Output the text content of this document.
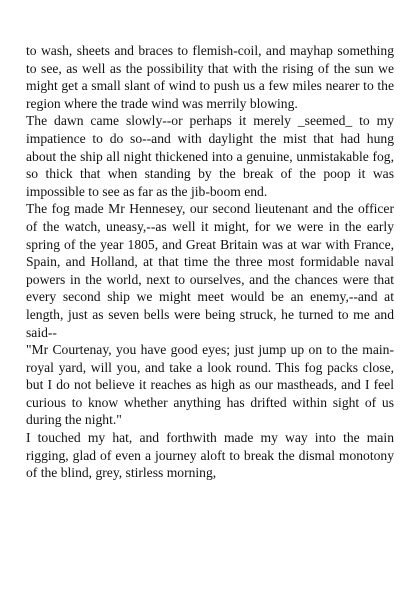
to wash, sheets and braces to flemish-coil, and mayhap something to see, as well as the possibility that with the rising of the sun we might get a small slant of wind to push us a few miles nearer to the region where the trade wind was merrily blowing.

The dawn came slowly--or perhaps it merely _seemed_ to my impatience to do so--and with daylight the mist that had hung about the ship all night thickened into a genuine, unmistakable fog, so thick that when standing by the break of the poop it was impossible to see as far as the jib-boom end.

The fog made Mr Hennesey, our second lieutenant and the officer of the watch, uneasy,--as well it might, for we were in the early spring of the year 1805, and Great Britain was at war with France, Spain, and Holland, at that time the three most formidable naval powers in the world, next to ourselves, and the chances were that every second ship we might meet would be an enemy,--and at length, just as seven bells were being struck, he turned to me and said--

"Mr Courtenay, you have good eyes; just jump up on to the main-royal yard, will you, and take a look round. This fog packs close, but I do not believe it reaches as high as our mastheads, and I feel curious to know whether anything has drifted within sight of us during the night."

I touched my hat, and forthwith made my way into the main rigging, glad of even a journey aloft to break the dismal monotony of the blind, grey, stirless morning,
